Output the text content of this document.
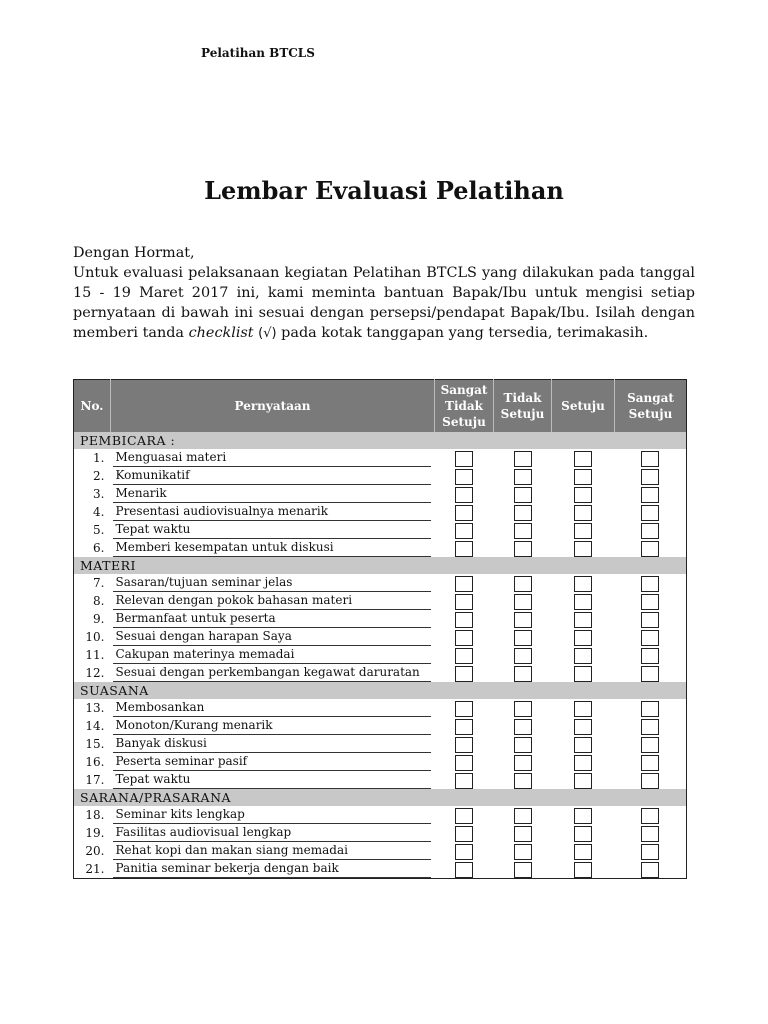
Pelatihan BTCLS
Lembar Evaluasi Pelatihan

Dengan Hormat,

Untuk evaluasi pelaksanaan kegiatan Pelatihan BTCLS yang dilakukan pada tanggal 15 - 19 Maret 2017 ini, kami meminta bantuan Bapak/Ibu untuk mengisi setiap pernyataan di bawah ini sesuai dengan persepsi/pendapat Bapak/Ibu. Isilah dengan memberi tanda checklist (√) pada kotak tanggapan yang tersedia, terimakasih.

No.	Pernyataan	Sangat Tidak Setuju	Tidak Setuju	Setuju	Sangat Setuju
PEMBICARA :					
1.	Menguasai materi				

2.	Komunikatif				

3.	Menarik				

4.	Presentasi audiovisualnya menarik				

5.	Tepat waktu				

6.	Memberi kesempatan untuk diskusi				

MATERI					
7.	Sasaran/tujuan seminar jelas				

8.	Relevan dengan pokok bahasan materi				

9.	Bermanfaat untuk peserta				

10.	Sesuai dengan harapan Saya				

11.	Cakupan materinya memadai				

12.	Sesuai dengan perkembangan kegawat daruratan				

SUASANA					
13.	Membosankan				

14.	Monoton/Kurang menarik				

15.	Banyak diskusi				

16.	Peserta seminar pasif				

17.	Tepat waktu				

SARANA/PRASARANA					
18.	Seminar kits lengkap				

19.	Fasilitas audiovisual lengkap				

20.	Rehat kopi dan makan siang memadai				

21.	Panitia seminar bekerja dengan baik				
